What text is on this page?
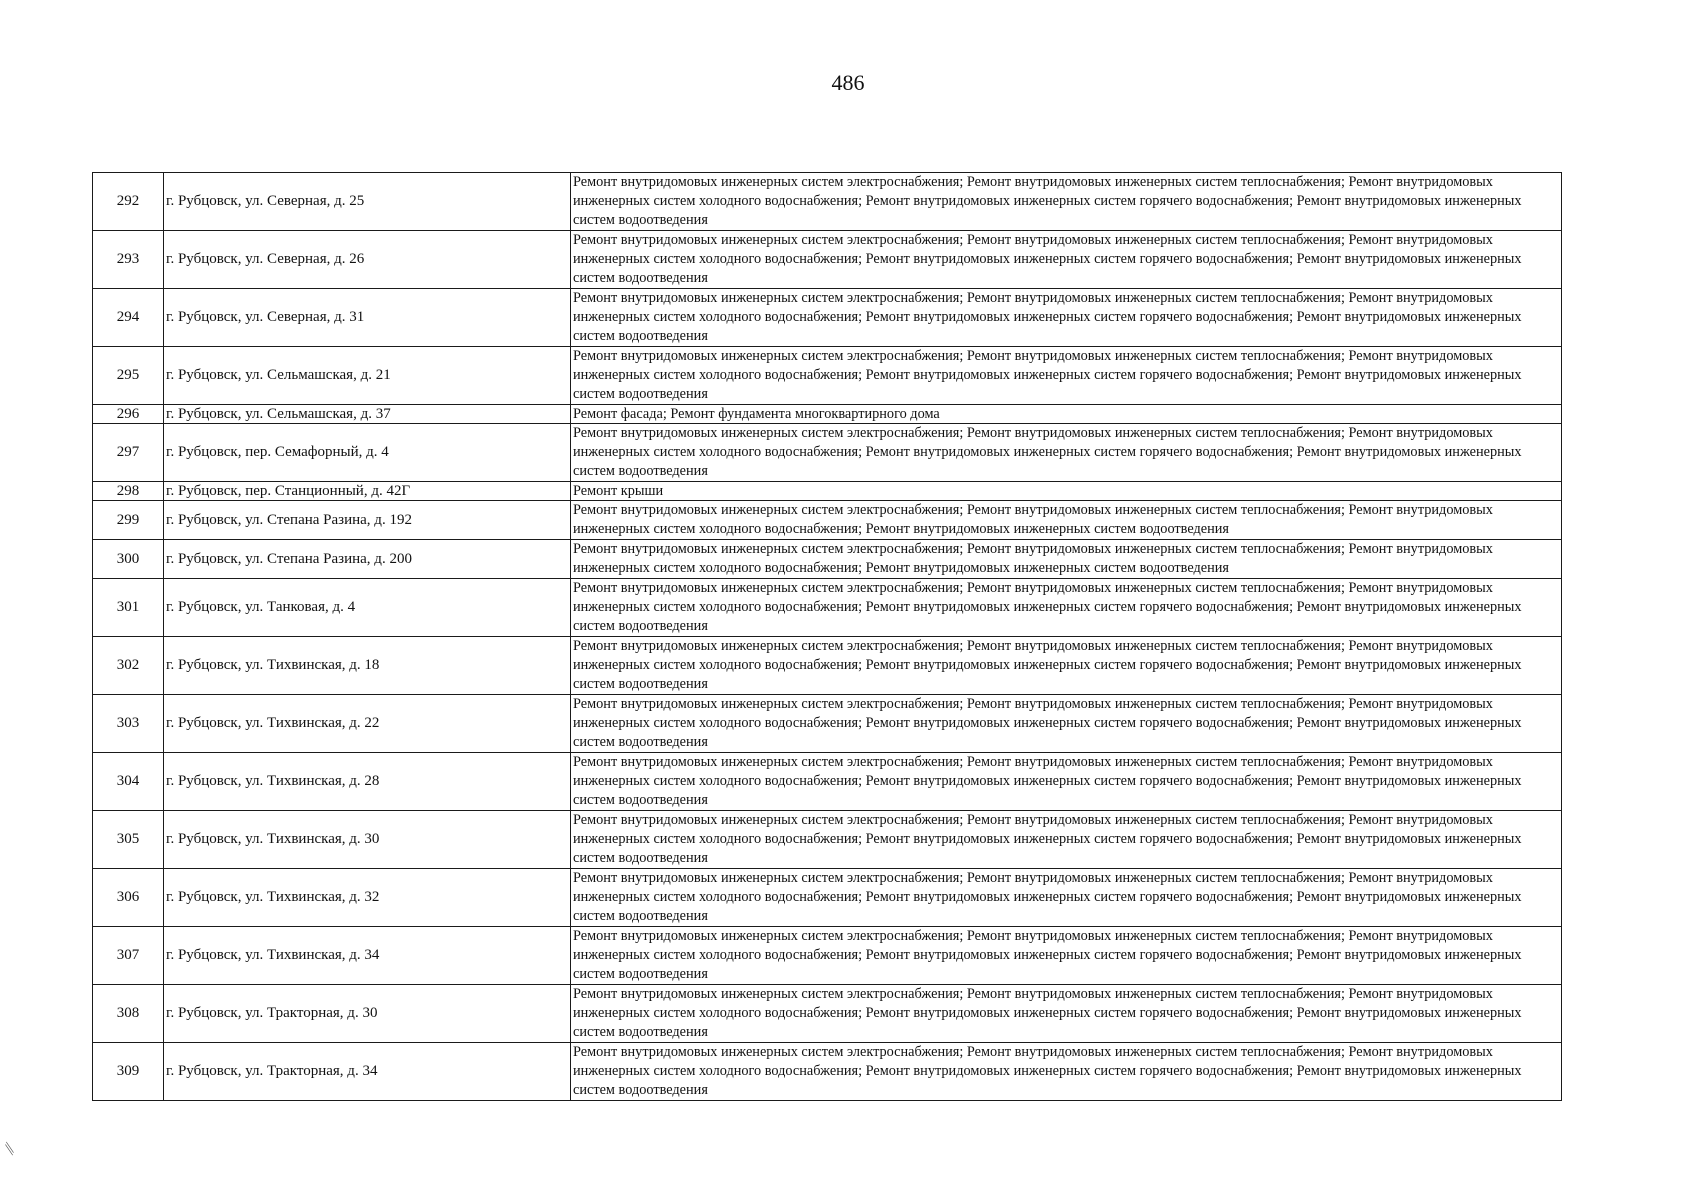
486
292	г. Рубцовск, ул. Северная, д. 25	Ремонт внутридомовых инженерных систем электроснабжения; Ремонт внутридомовых инженерных систем теплоснабжения; Ремонт внутридомовых инженерных систем холодного водоснабжения; Ремонт внутридомовых инженерных систем горячего водоснабжения; Ремонт внутридомовых инженерных систем водоотведения
293	г. Рубцовск, ул. Северная, д. 26	Ремонт внутридомовых инженерных систем электроснабжения; Ремонт внутридомовых инженерных систем теплоснабжения; Ремонт внутридомовых инженерных систем холодного водоснабжения; Ремонт внутридомовых инженерных систем горячего водоснабжения; Ремонт внутридомовых инженерных систем водоотведения
294	г. Рубцовск, ул. Северная, д. 31	Ремонт внутридомовых инженерных систем электроснабжения; Ремонт внутридомовых инженерных систем теплоснабжения; Ремонт внутридомовых инженерных систем холодного водоснабжения; Ремонт внутридомовых инженерных систем горячего водоснабжения; Ремонт внутридомовых инженерных систем водоотведения
295	г. Рубцовск, ул. Сельмашская, д. 21	Ремонт внутридомовых инженерных систем электроснабжения; Ремонт внутридомовых инженерных систем теплоснабжения; Ремонт внутридомовых инженерных систем холодного водоснабжения; Ремонт внутридомовых инженерных систем горячего водоснабжения; Ремонт внутридомовых инженерных систем водоотведения
296	г. Рубцовск, ул. Сельмашская, д. 37	Ремонт фасада; Ремонт фундамента многоквартирного дома
297	г. Рубцовск, пер. Семафорный, д. 4	Ремонт внутридомовых инженерных систем электроснабжения; Ремонт внутридомовых инженерных систем теплоснабжения; Ремонт внутридомовых инженерных систем холодного водоснабжения; Ремонт внутридомовых инженерных систем горячего водоснабжения; Ремонт внутридомовых инженерных систем водоотведения
298	г. Рубцовск, пер. Станционный, д. 42Г	Ремонт крыши
299	г. Рубцовск, ул. Степана Разина, д. 192	Ремонт внутридомовых инженерных систем электроснабжения; Ремонт внутридомовых инженерных систем теплоснабжения; Ремонт внутридомовых инженерных систем холодного водоснабжения; Ремонт внутридомовых инженерных систем водоотведения
300	г. Рубцовск, ул. Степана Разина, д. 200	Ремонт внутридомовых инженерных систем электроснабжения; Ремонт внутридомовых инженерных систем теплоснабжения; Ремонт внутридомовых инженерных систем холодного водоснабжения; Ремонт внутридомовых инженерных систем водоотведения
301	г. Рубцовск, ул. Танковая, д. 4	Ремонт внутридомовых инженерных систем электроснабжения; Ремонт внутридомовых инженерных систем теплоснабжения; Ремонт внутридомовых инженерных систем холодного водоснабжения; Ремонт внутридомовых инженерных систем горячего водоснабжения; Ремонт внутридомовых инженерных систем водоотведения
302	г. Рубцовск, ул. Тихвинская, д. 18	Ремонт внутридомовых инженерных систем электроснабжения; Ремонт внутридомовых инженерных систем теплоснабжения; Ремонт внутридомовых инженерных систем холодного водоснабжения; Ремонт внутридомовых инженерных систем горячего водоснабжения; Ремонт внутридомовых инженерных систем водоотведения
303	г. Рубцовск, ул. Тихвинская, д. 22	Ремонт внутридомовых инженерных систем электроснабжения; Ремонт внутридомовых инженерных систем теплоснабжения; Ремонт внутридомовых инженерных систем холодного водоснабжения; Ремонт внутридомовых инженерных систем горячего водоснабжения; Ремонт внутридомовых инженерных систем водоотведения
304	г. Рубцовск, ул. Тихвинская, д. 28	Ремонт внутридомовых инженерных систем электроснабжения; Ремонт внутридомовых инженерных систем теплоснабжения; Ремонт внутридомовых инженерных систем холодного водоснабжения; Ремонт внутридомовых инженерных систем горячего водоснабжения; Ремонт внутридомовых инженерных систем водоотведения
305	г. Рубцовск, ул. Тихвинская, д. 30	Ремонт внутридомовых инженерных систем электроснабжения; Ремонт внутридомовых инженерных систем теплоснабжения; Ремонт внутридомовых инженерных систем холодного водоснабжения; Ремонт внутридомовых инженерных систем горячего водоснабжения; Ремонт внутридомовых инженерных систем водоотведения
306	г. Рубцовск, ул. Тихвинская, д. 32	Ремонт внутридомовых инженерных систем электроснабжения; Ремонт внутридомовых инженерных систем теплоснабжения; Ремонт внутридомовых инженерных систем холодного водоснабжения; Ремонт внутридомовых инженерных систем горячего водоснабжения; Ремонт внутридомовых инженерных систем водоотведения
307	г. Рубцовск, ул. Тихвинская, д. 34	Ремонт внутридомовых инженерных систем электроснабжения; Ремонт внутридомовых инженерных систем теплоснабжения; Ремонт внутридомовых инженерных систем холодного водоснабжения; Ремонт внутридомовых инженерных систем горячего водоснабжения; Ремонт внутридомовых инженерных систем водоотведения
308	г. Рубцовск, ул. Тракторная, д. 30	Ремонт внутридомовых инженерных систем электроснабжения; Ремонт внутридомовых инженерных систем теплоснабжения; Ремонт внутридомовых инженерных систем холодного водоснабжения; Ремонт внутридомовых инженерных систем горячего водоснабжения; Ремонт внутридомовых инженерных систем водоотведения
309	г. Рубцовск, ул. Тракторная, д. 34	Ремонт внутридомовых инженерных систем электроснабжения; Ремонт внутридомовых инженерных систем теплоснабжения; Ремонт внутридомовых инженерных систем холодного водоснабжения; Ремонт внутридомовых инженерных систем горячего водоснабжения; Ремонт внутридомовых инженерных систем водоотведения
⁄⁄
